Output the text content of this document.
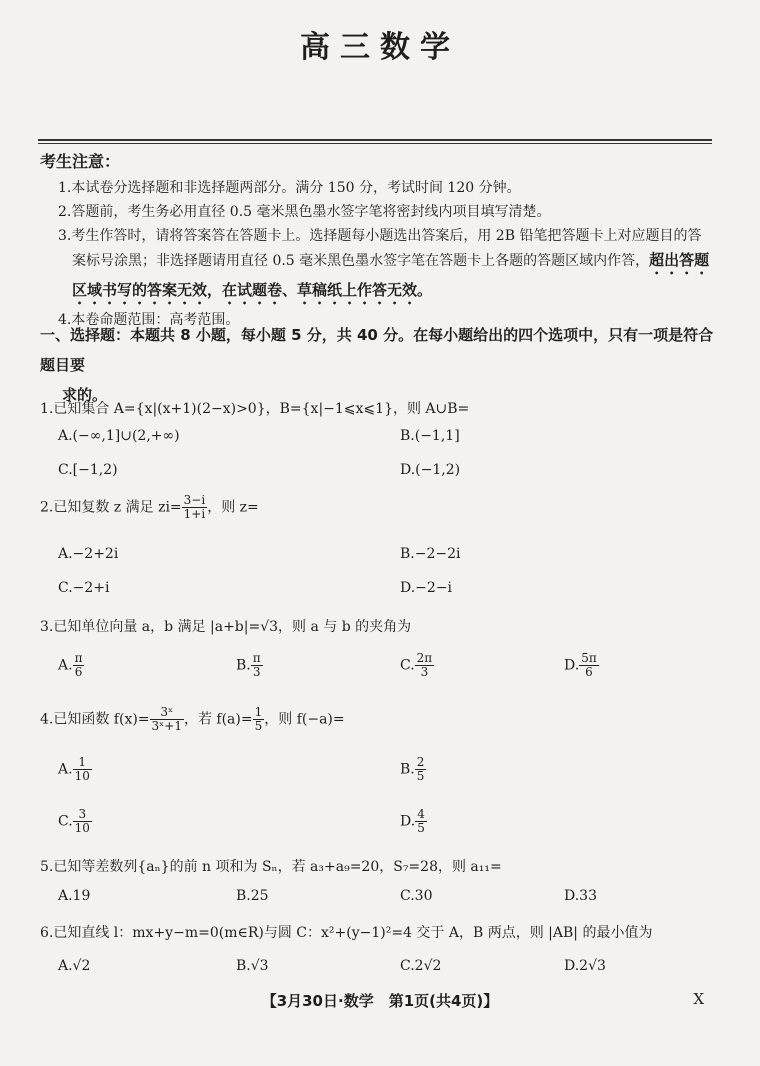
高三数学
考生注意：
1.本试卷分选择题和非选择题两部分。满分 150 分，考试时间 120 分钟。
2.答题前，考生务必用直径 0.5 毫米黑色墨水签字笔将密封线内项目填写清楚。
3.考生作答时，请将答案答在答题卡上。选择题每小题选出答案后，用 2B 铅笔把答题卡上对应题目的答案标号涂黑；非选择题请用直径 0.5 毫米黑色墨水签字笔在答题卡上各题的答题区域内作答，超出答题区域书写的答案无效，在试题卷、草稿纸上作答无效。
4.本卷命题范围：高考范围。
一、选择题：本题共 8 小题，每小题 5 分，共 40 分。在每小题给出的四个选项中，只有一项是符合题目要
求的。
1.已知集合 A={x|(x+1)(2−x)>0}，B={x|−1⩽x⩽1}，则 A∪B=
A.(−∞,1]∪(2,+∞)	B.(−1,1]
C.[−1,2)	D.(−1,2)
2.已知复数 z 满足 $zi= \frac{3-i}{1+i}$ ，则 z=
A.−2+2i	B.−2−2i
C.−2+i	D.−2−i
3.已知单位向量 a，b 满足 |a+b|=√3，则 a 与 b 的夹角为
A. $\frac{\pi}{6}$	B. $\frac{\pi}{3}$	C. $\frac{2\pi}{3}$	D. $\frac{5\pi}{6}$
4.已知函数 $f(x)= \frac{\text{3ˣ}}{\text{3ˣ+1}}$ ，若 $f(a)= \frac{1}{5}$ ，则 f(−a)=
A. $\frac{1}{10}$	B. $\frac{2}{5}$
C. $\frac{3}{10}$	D. $\frac{4}{5}$
5.已知等差数列{aₙ}的前 n 项和为 Sₙ，若 a₃+a₉=20，S₇=28，则 a₁₁=
A.19	B.25	C.30	D.33
6.已知直线 l：mx+y−m=0(m∈R)与圆 C：x²+(y−1)²=4 交于 A，B 两点，则 |AB| 的最小值为
A.√2	B.√3	C.2√2	D.2√3
【3月30日·数学　第1页(共4页)】	X
